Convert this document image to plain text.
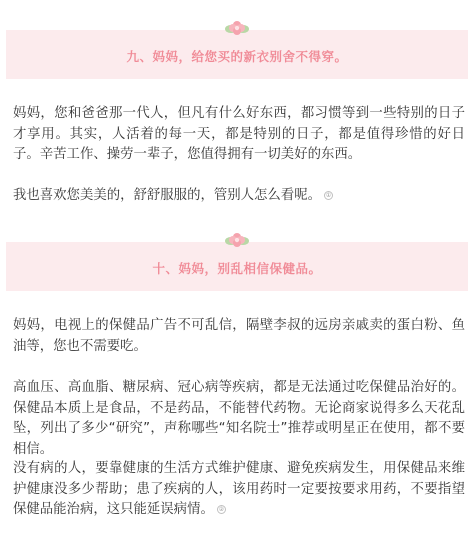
九、妈妈，给您买的新衣别舍不得穿。

妈妈，您和爸爸那一代人，但凡有什么好东西，都习惯等到一些特别的日子才享用。其实，人活着的每一天，都是特别的日子，都是值得珍惜的好日子。辛苦工作、操劳一辈子，您值得拥有一切美好的东西。

我也喜欢您美美的，舒舒服服的，管别人怎么看呢。 ①

十、妈妈，别乱相信保健品。

妈妈，电视上的保健品广告不可乱信，隔壁李叔的远房亲戚卖的蛋白粉、鱼油等，您也不需要吃。

高血压、高血脂、糖尿病、冠心病等疾病，都是无法通过吃保健品治好的。保健品本质上是食品，不是药品，不能替代药物。无论商家说得多么天花乱坠，列出了多少“研究”，声称哪些“知名院士”推荐或明星正在使用，都不要相信。

没有病的人，要靠健康的生活方式维护健康、避免疾病发生，用保健品来维护健康没多少帮助；患了疾病的人，该用药时一定要按要求用药，不要指望保健品能治病，这只能延误病情。 ②
